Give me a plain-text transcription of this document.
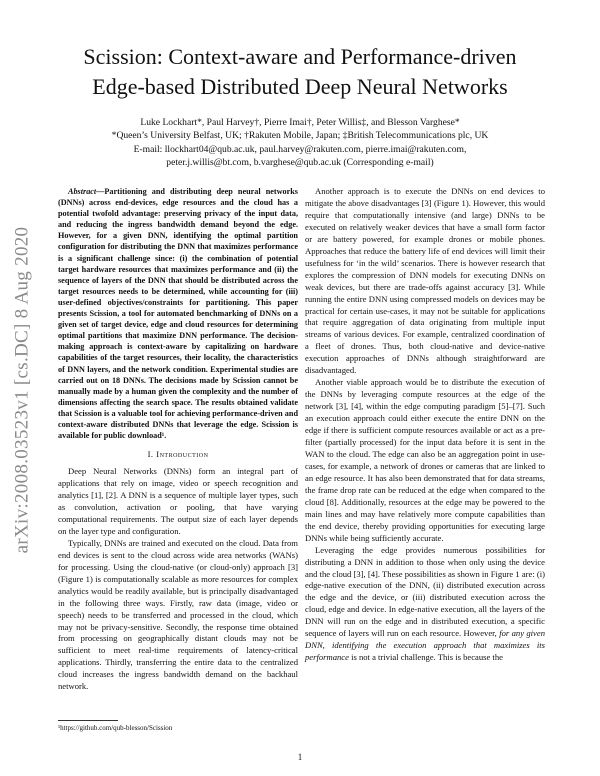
arXiv:2008.03523v1 [cs.DC] 8 Aug 2020
Scission: Context-aware and Performance-driven
Edge-based Distributed Deep Neural Networks
Luke Lockhart*, Paul Harvey†, Pierre Imai†, Peter Willis‡, and Blesson Varghese*
*Queen’s University Belfast, UK; †Rakuten Mobile, Japan; ‡British Telecommunications plc, UK
E-mail: llockhart04@qub.ac.uk, paul.harvey@rakuten.com, pierre.imai@rakuten.com,
peter.j.willis@bt.com, b.varghese@qub.ac.uk (Corresponding e-mail)

Abstract—Partitioning and distributing deep neural networks (DNNs) across end-devices, edge resources and the cloud has a potential twofold advantage: preserving privacy of the input data, and reducing the ingress bandwidth demand beyond the edge. However, for a given DNN, identifying the optimal partition configuration for distributing the DNN that maximizes performance is a significant challenge since: (i) the combination of potential target hardware resources that maximizes performance and (ii) the sequence of layers of the DNN that should be distributed across the target resources needs to be determined, while accounting for (iii) user-defined objectives/constraints for partitioning. This paper presents Scission, a tool for automated benchmarking of DNNs on a given set of target device, edge and cloud resources for determining optimal partitions that maximize DNN performance. The decision-making approach is context-aware by capitalizing on hardware capabilities of the target resources, their locality, the characteristics of DNN layers, and the network condition. Experimental studies are carried out on 18 DNNs. The decisions made by Scission cannot be manually made by a human given the complexity and the number of dimensions affecting the search space. The results obtained validate that Scission is a valuable tool for achieving performance-driven and context-aware distributed DNNs that leverage the edge. Scission is available for public download¹.

I. Introduction

Deep Neural Networks (DNNs) form an integral part of applications that rely on image, video or speech recognition and analytics [1], [2]. A DNN is a sequence of multiple layer types, such as convolution, activation or pooling, that have varying computational requirements. The output size of each layer depends on the layer type and configuration.

Typically, DNNs are trained and executed on the cloud. Data from end devices is sent to the cloud across wide area networks (WANs) for processing. Using the cloud-native (or cloud-only) approach [3] (Figure 1) is computationally scalable as more resources for complex analytics would be readily available, but is principally disadvantaged in the following three ways. Firstly, raw data (image, video or speech) needs to be transferred and processed in the cloud, which may not be privacy-sensitive. Secondly, the response time obtained from processing on geographically distant clouds may not be sufficient to meet real-time requirements of latency-critical applications. Thirdly, transferring the entire data to the centralized cloud increases the ingress bandwidth demand on the backhaul network.

Another approach is to execute the DNNs on end devices to mitigate the above disadvantages [3] (Figure 1). However, this would require that computationally intensive (and large) DNNs to be executed on relatively weaker devices that have a small form factor or are battery powered, for example drones or mobile phones. Approaches that reduce the battery life of end devices will limit their usefulness for ‘in the wild’ scenarios. There is however research that explores the compression of DNN models for executing DNNs on weak devices, but there are trade-offs against accuracy [3]. While running the entire DNN using compressed models on devices may be practical for certain use-cases, it may not be suitable for applications that require aggregation of data originating from multiple input streams of various devices. For example, centralized coordination of a fleet of drones. Thus, both cloud-native and device-native execution approaches of DNNs although straightforward are disadvantaged.

Another viable approach would be to distribute the execution of the DNNs by leveraging compute resources at the edge of the network [3], [4], within the edge computing paradigm [5]–[7]. Such an execution approach could either execute the entire DNN on the edge if there is sufficient compute resources available or act as a pre-filter (partially processed) for the input data before it is sent in the WAN to the cloud. The edge can also be an aggregation point in use-cases, for example, a network of drones or cameras that are linked to an edge resource. It has also been demonstrated that for data streams, the frame drop rate can be reduced at the edge when compared to the cloud [8]. Additionally, resources at the edge may be powered to the main lines and may have relatively more compute capabilities than the end device, thereby providing opportunities for executing large DNNs while being sufficiently accurate.

Leveraging the edge provides numerous possibilities for distributing a DNN in addition to those when only using the device and the cloud [3], [4]. These possibilities as shown in Figure 1 are: (i) edge-native execution of the DNN, (ii) distributed execution across the edge and the device, or (iii) distributed execution across the cloud, edge and device. In edge-native execution, all the layers of the DNN will run on the edge and in distributed execution, a specific sequence of layers will run on each resource. However, for any given DNN, identifying the execution approach that maximizes its performance is not a trivial challenge. This is because the

¹https://github.com/qub-blesson/Scission
1
